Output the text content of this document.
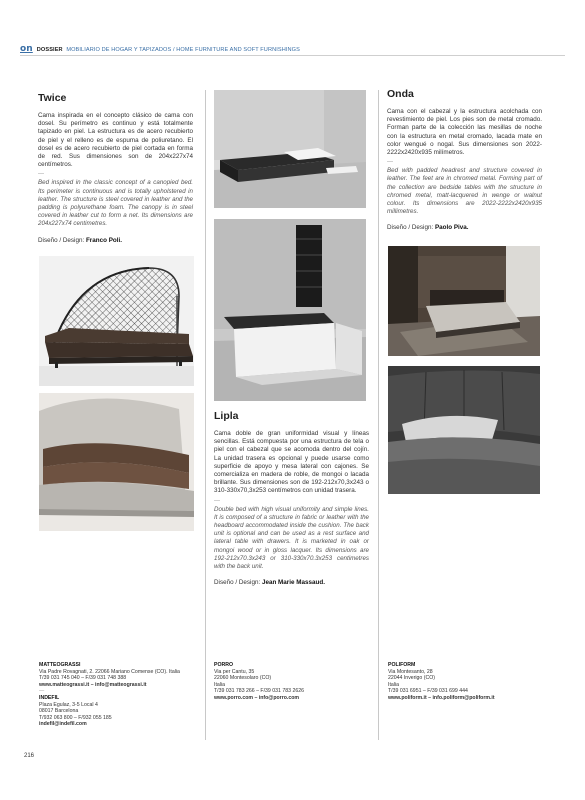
on DOSSIER MOBILIARIO DE HOGAR Y TAPIZADOS / HOME FURNITURE AND SOFT FURNISHINGS
Twice

Cama inspirada en el concepto clásico de cama con dosel. Su perímetro es continuo y está totalmente tapizado en piel. La estructura es de acero recubierto de piel y el relleno es de espuma de poliuretano. El dosel es de acero recubierto de piel cortada en forma de red. Sus dimensiones son de 204x227x74 centímetros.

—

Bed inspired in the classic concept of a canopied bed. Its perimeter is continuous and is totally upholstered in leather. The structure is steel covered in leather and the padding is polyurethane foam. The canopy is in steel covered in leather cut to form a net. Its dimensions are 204x227x74 centimetres.

Diseño / Design: Franco Poli.
Lipla

Cama doble de gran uniformidad visual y líneas sencillas. Está compuesta por una estructura de tela o piel con el cabezal que se acomoda dentro del cojín. La unidad trasera es opcional y puede usarse como superficie de apoyo y mesa lateral con cajones. Se comercializa en madera de roble, de mongoi o lacada brillante. Sus dimensiones son de 192-212x70,3x243 o 310-330x70,3x253 centímetros con unidad trasera.

—

Double bed with high visual uniformity and simple lines. It is composed of a structure in fabric or leather with the headboard accommodated inside the cushion. The back unit is optional and can be used as a rest surface and lateral table with drawers. It is marketed in oak or mongoi wood or in gloss lacquer. Its dimensions are 192-212x70.3x243 or 310-330x70.3x253 centimetres with the back unit.

Diseño / Design: Jean Marie Massaud.
Onda

Cama con el cabezal y la estructura acolchada con revestimiento de piel. Los pies son de metal cromado. Forman parte de la colección las mesillas de noche con la estructura en metal cromado, lacada mate en color wengué o nogal. Sus dimensiones son 2022-2222x2420x935 milímetros.

—

Bed with padded headrest and structure covered in leather. The feet are in chromed metal. Forming part of the collection are bedside tables with the structure in chromed metal, matt-lacquered in wenge or walnut colour. Its dimensions are 2022-2222x2420x935 millimetres.

Diseño / Design: Paolo Piva.
MATTEOGRASSI
Via Padre Rovagnati, 2. 22066 Mariano Comense (CO). Italia
T/39 031 745 040 – F/39 031 748 388
www.matteograssi.it – info@matteograssi.it
—
INDEFIL
Plaza Egulaz, 3-5 Local 4
08017 Barcelona
T/932 063 800 – F/932 055 185
indefil@indefil.com
PORRO
Via per Cantu, 35
22060 Montesolaro (CO)
Italia
T/39 031 783 266 – F/39 031 783 2626
www.porro.com – info@porro.com
POLIFORM
Via Montesanto, 28
22044 Inverigo (CO)
Italia
T/39 031 6951 – F/39 031 699 444
www.poliform.it – info.poliform@poliform.it
216
